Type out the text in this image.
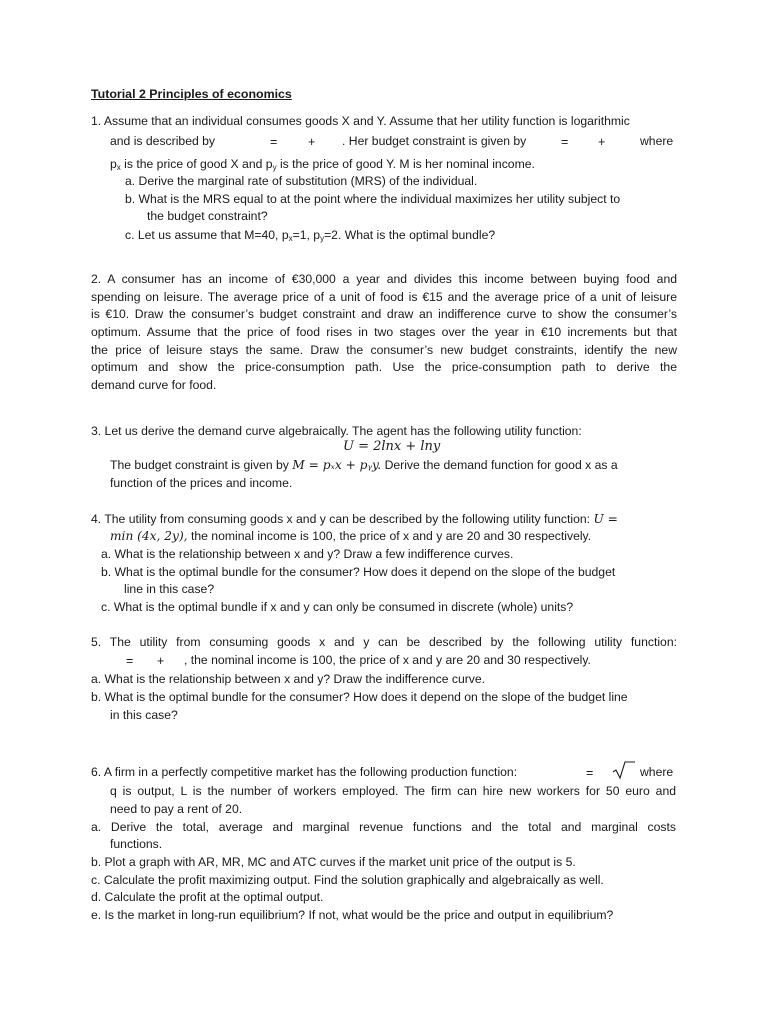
Tutorial 2 Principles of economics
1. Assume that an individual consumes goods X and Y. Assume that her utility function is logarithmic
and is described by	= + . Her budget constraint is given by	= +	where
$p_x$ is the price of good X and $p_y$ is the price of good Y. M is her nominal income.
a. Derive the marginal rate of substitution (MRS) of the individual.
b. What is the MRS equal to at the point where the individual maximizes her utility subject to
the budget constraint?
c. Let us assume that M=40, $p_x=1$, $p_y=2$. What is the optimal bundle?
2. A consumer has an income of €30,000 a year and divides this income between buying food and
spending on leisure. The average price of a unit of food is €15 and the average price of a unit of leisure
is €10. Draw the consumer’s budget constraint and draw an indifference curve to show the consumer’s
optimum. Assume that the price of food rises in two stages over the year in €10 increments but that
the price of leisure stays the same. Draw the consumer’s new budget constraints, identify the new
optimum and show the price-consumption path. Use the price-consumption path to derive the
demand curve for food.
3. Let us derive the demand curve algebraically. The agent has the following utility function:
U = 2lnx + lny
The budget constraint is given by M = pₓx + pᵧy. Derive the demand function for good x as a
function of the prices and income.
4. The utility from consuming goods x and y can be described by the following utility function: U =
min (4x, 2y), the nominal income is 100, the price of x and y are 20 and 30 respectively.
a. What is the relationship between x and y? Draw a few indifference curves.
b. What is the optimal bundle for the consumer? How does it depend on the slope of the budget
line in this case?
c. What is the optimal bundle if x and y can only be consumed in discrete (whole) units?
5. The utility from consuming goods x and y can be described by the following utility function:
= + , the nominal income is 100, the price of x and y are 20 and 30 respectively.
a. What is the relationship between x and y? Draw the indifference curve.
b. What is the optimal bundle for the consumer? How does it depend on the slope of the budget line
in this case?
6. A firm in a perfectly competitive market has the following production function:	=	where
q is output, L is the number of workers employed. The firm can hire new workers for 50 euro and
need to pay a rent of 20.
a. Derive the total, average and marginal revenue functions and the total and marginal costs
functions.
b. Plot a graph with AR, MR, MC and ATC curves if the market unit price of the output is 5.
c. Calculate the profit maximizing output. Find the solution graphically and algebraically as well.
d. Calculate the profit at the optimal output.
e. Is the market in long-run equilibrium? If not, what would be the price and output in equilibrium?
